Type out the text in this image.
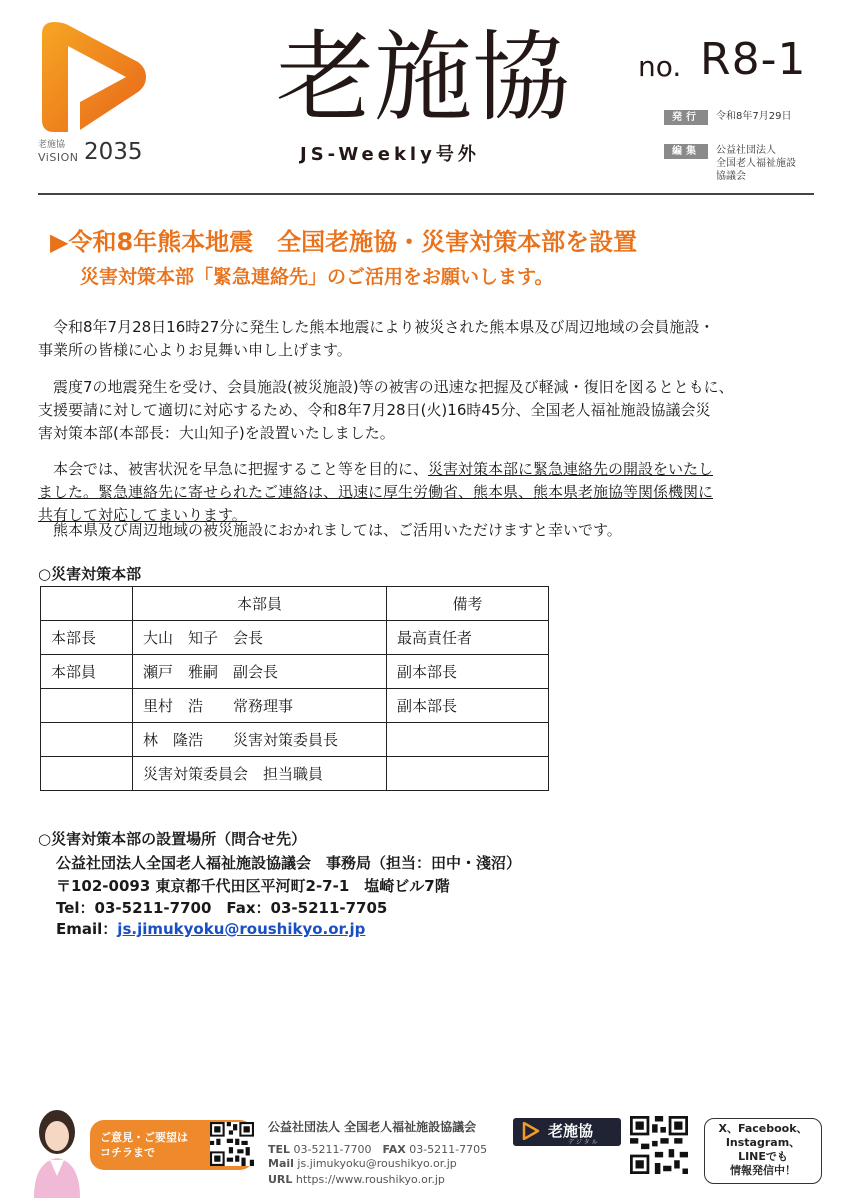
老施協
ViSION 2035
老施協
JS-Weekly号外
no. R8-1
発行 令和8年7月29日
編集 公益社団法人
全国老人福祉施設
協議会
▶令和8年熊本地震　全国老施協・災害対策本部を設置
災害対策本部「緊急連絡先」のご活用をお願いします。
　令和8年7月28日16時27分に発生した熊本地震により被災された熊本県及び周辺地域の会員施設・
事業所の皆様に心よりお見舞い申し上げます。
　震度7の地震発生を受け、会員施設(被災施設)等の被害の迅速な把握及び軽減・復旧を図るとともに、
支援要請に対して適切に対応するため、令和8年7月28日(火)16時45分、全国老人福祉施設協議会災
害対策本部(本部長：大山知子)を設置いたしました。
　本会では、被害状況を早急に把握すること等を目的に、災害対策本部に緊急連絡先の開設をいたし
ました。緊急連絡先に寄せられたご連絡は、迅速に厚生労働省、熊本県、熊本県老施協等関係機関に
共有して対応してまいります。
　熊本県及び周辺地域の被災施設におかれましては、ご活用いただけますと幸いです。
○災害対策本部
	本部員	備考
本部長	大山　知子　会長	最高責任者
本部員	瀬戸　雅嗣　副会長	副本部長
	里村　浩　　常務理事	副本部長
	林　隆浩　　災害対策委員長	
	災害対策委員会　担当職員	
○災害対策本部の設置場所（問合せ先）
公益社団法人全国老人福祉施設協議会　事務局（担当：田中・淺沼）
〒102-0093 東京都千代田区平河町2-7-1　塩崎ビル7階
Tel：03-5211-7700　Fax：03-5211-7705
Email：js.jimukyoku@roushikyo.or.jp
ご意見・ご要望は
コチラまで
公益社団法人 全国老人福祉施設協議会
TEL 03-5211-7700　 FAX 03-5211-7705
Mail js.jimukyoku@roushikyo.or.jp
URL https://www.roushikyo.or.jp
老施協
デジタル
X、Facebook、
Instagram、
LINEでも
情報発信中！
